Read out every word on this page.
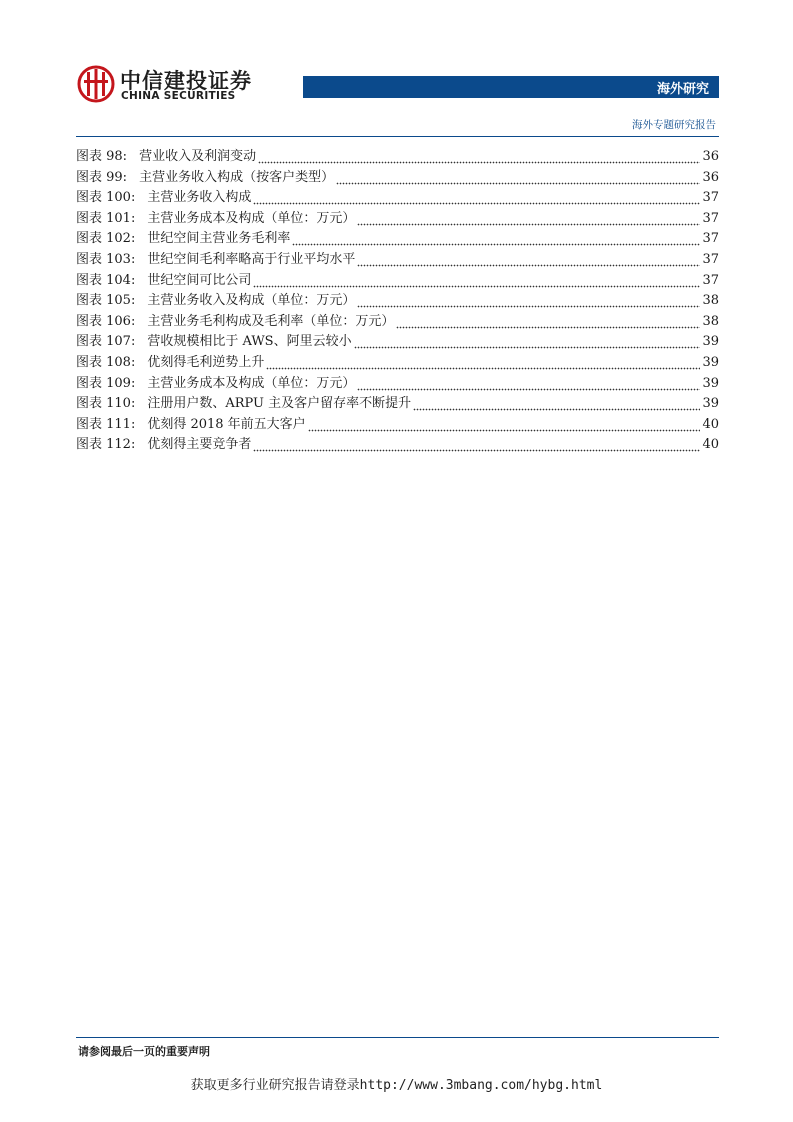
中信建投证券
CHINA SECURITIES	海外研究
海外专题研究报告
图表 98: 营业收入及利润变动	36
图表 99: 主营业务收入构成（按客户类型）	36
图表 100: 主营业务收入构成	37
图表 101: 主营业务成本及构成（单位：万元）	37
图表 102: 世纪空间主营业务毛利率	37
图表 103: 世纪空间毛利率略高于行业平均水平	37
图表 104: 世纪空间可比公司	37
图表 105: 主营业务收入及构成（单位：万元）	38
图表 106: 主营业务毛利构成及毛利率（单位：万元）	38
图表 107: 营收规模相比于 AWS、阿里云较小	39
图表 108: 优刻得毛利逆势上升	39
图表 109: 主营业务成本及构成（单位：万元）	39
图表 110: 注册用户数、ARPU 主及客户留存率不断提升	39
图表 111: 优刻得 2018 年前五大客户	40
图表 112: 优刻得主要竞争者	40
请参阅最后一页的重要声明
获取更多行业研究报告请登录http://www.3mbang.com/hybg.html
